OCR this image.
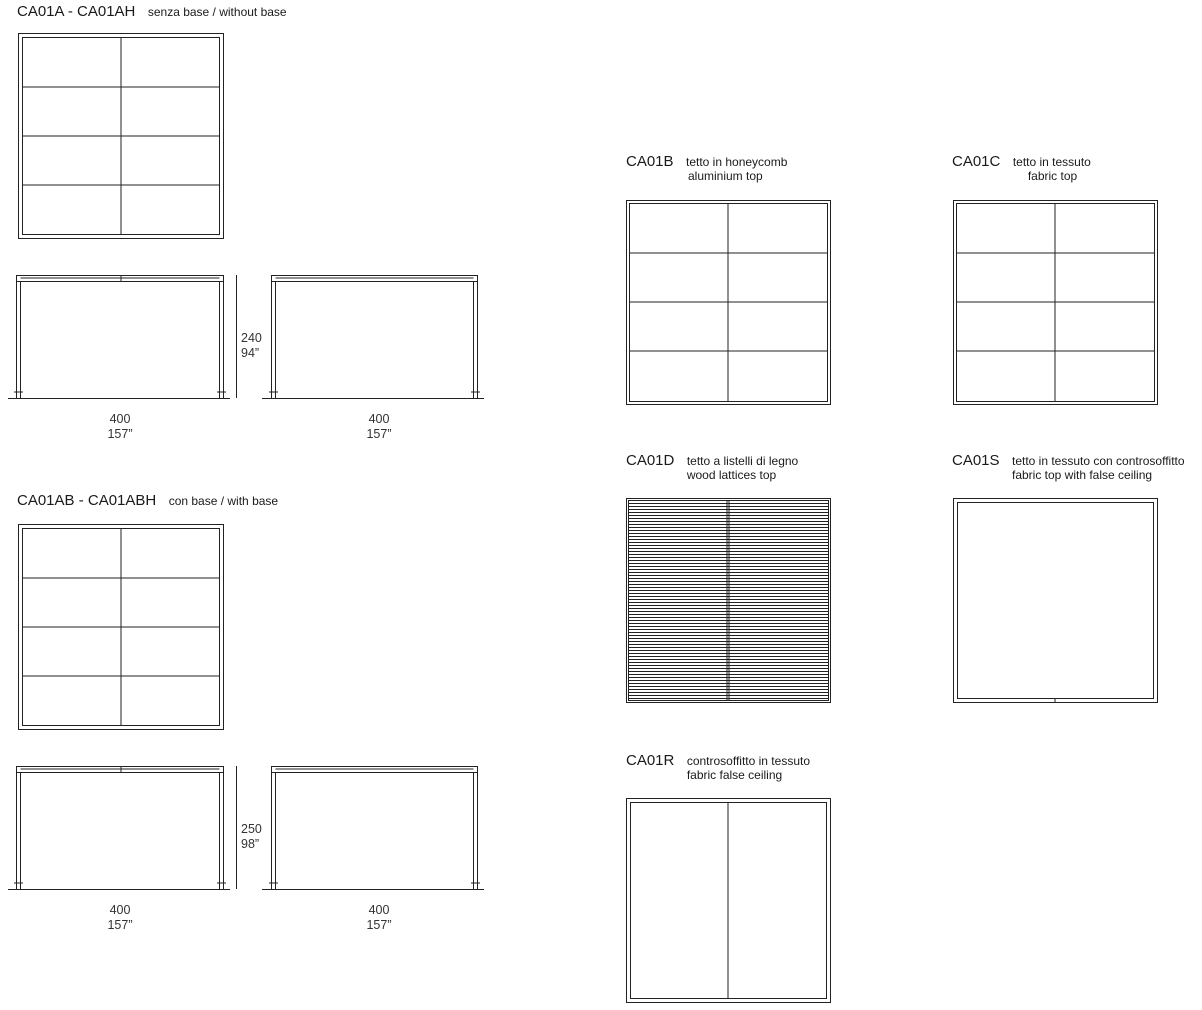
CA01A - CA01AH senza base / without base
CA01AB - CA01ABH con base / with base
240
94”
400
157”
400
157”
250
98”
400
157”
400
157”
CA01B tetto in honeycomb
aluminium top
CA01C tetto in tessuto
fabric top
CA01D tetto a listelli di legno
wood lattices top
CA01S tetto in tessuto con controsoffitto
fabric top with false ceiling
CA01R controsoffitto in tessuto
fabric false ceiling
